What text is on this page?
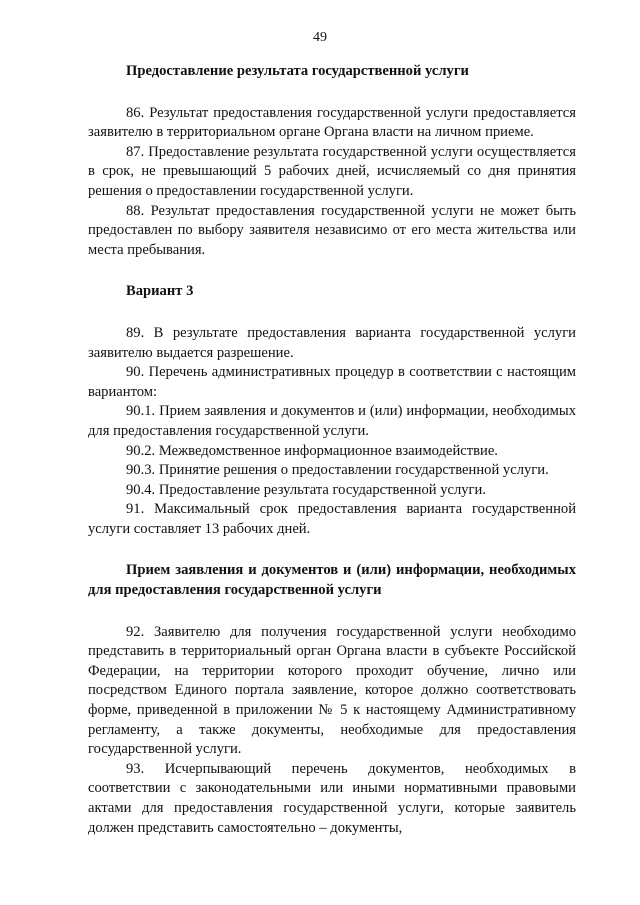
49

Предоставление результата государственной услуги

86. Результат предоставления государственной услуги предоставляется заявителю в территориальном органе Органа власти на личном приеме.

87. Предоставление результата государственной услуги осуществляется в срок, не превышающий 5 рабочих дней, исчисляемый со дня принятия решения о предоставлении государственной услуги.

88. Результат предоставления государственной услуги не может быть предоставлен по выбору заявителя независимо от его места жительства или места пребывания.

Вариант 3

89. В результате предоставления варианта государственной услуги заявителю выдается разрешение.

90. Перечень административных процедур в соответствии с настоящим вариантом:

90.1. Прием заявления и документов и (или) информации, необходимых для предоставления государственной услуги.

90.2. Межведомственное информационное взаимодействие.

90.3. Принятие решения о предоставлении государственной услуги.

90.4. Предоставление результата государственной услуги.

91. Максимальный срок предоставления варианта государственной услуги составляет 13 рабочих дней.

Прием заявления и документов и (или) информации, необходимых для предоставления государственной услуги

92. Заявителю для получения государственной услуги необходимо представить в территориальный орган Органа власти в субъекте Российской Федерации, на территории которого проходит обучение, лично или посредством Единого портала заявление, которое должно соответствовать форме, приведенной в приложении № 5 к настоящему Административному регламенту, а также документы, необходимые для предоставления государственной услуги.

93. Исчерпывающий перечень документов, необходимых в соответствии с законодательными или иными нормативными правовыми актами для предоставления государственной услуги, которые заявитель должен представить самостоятельно – документы,
